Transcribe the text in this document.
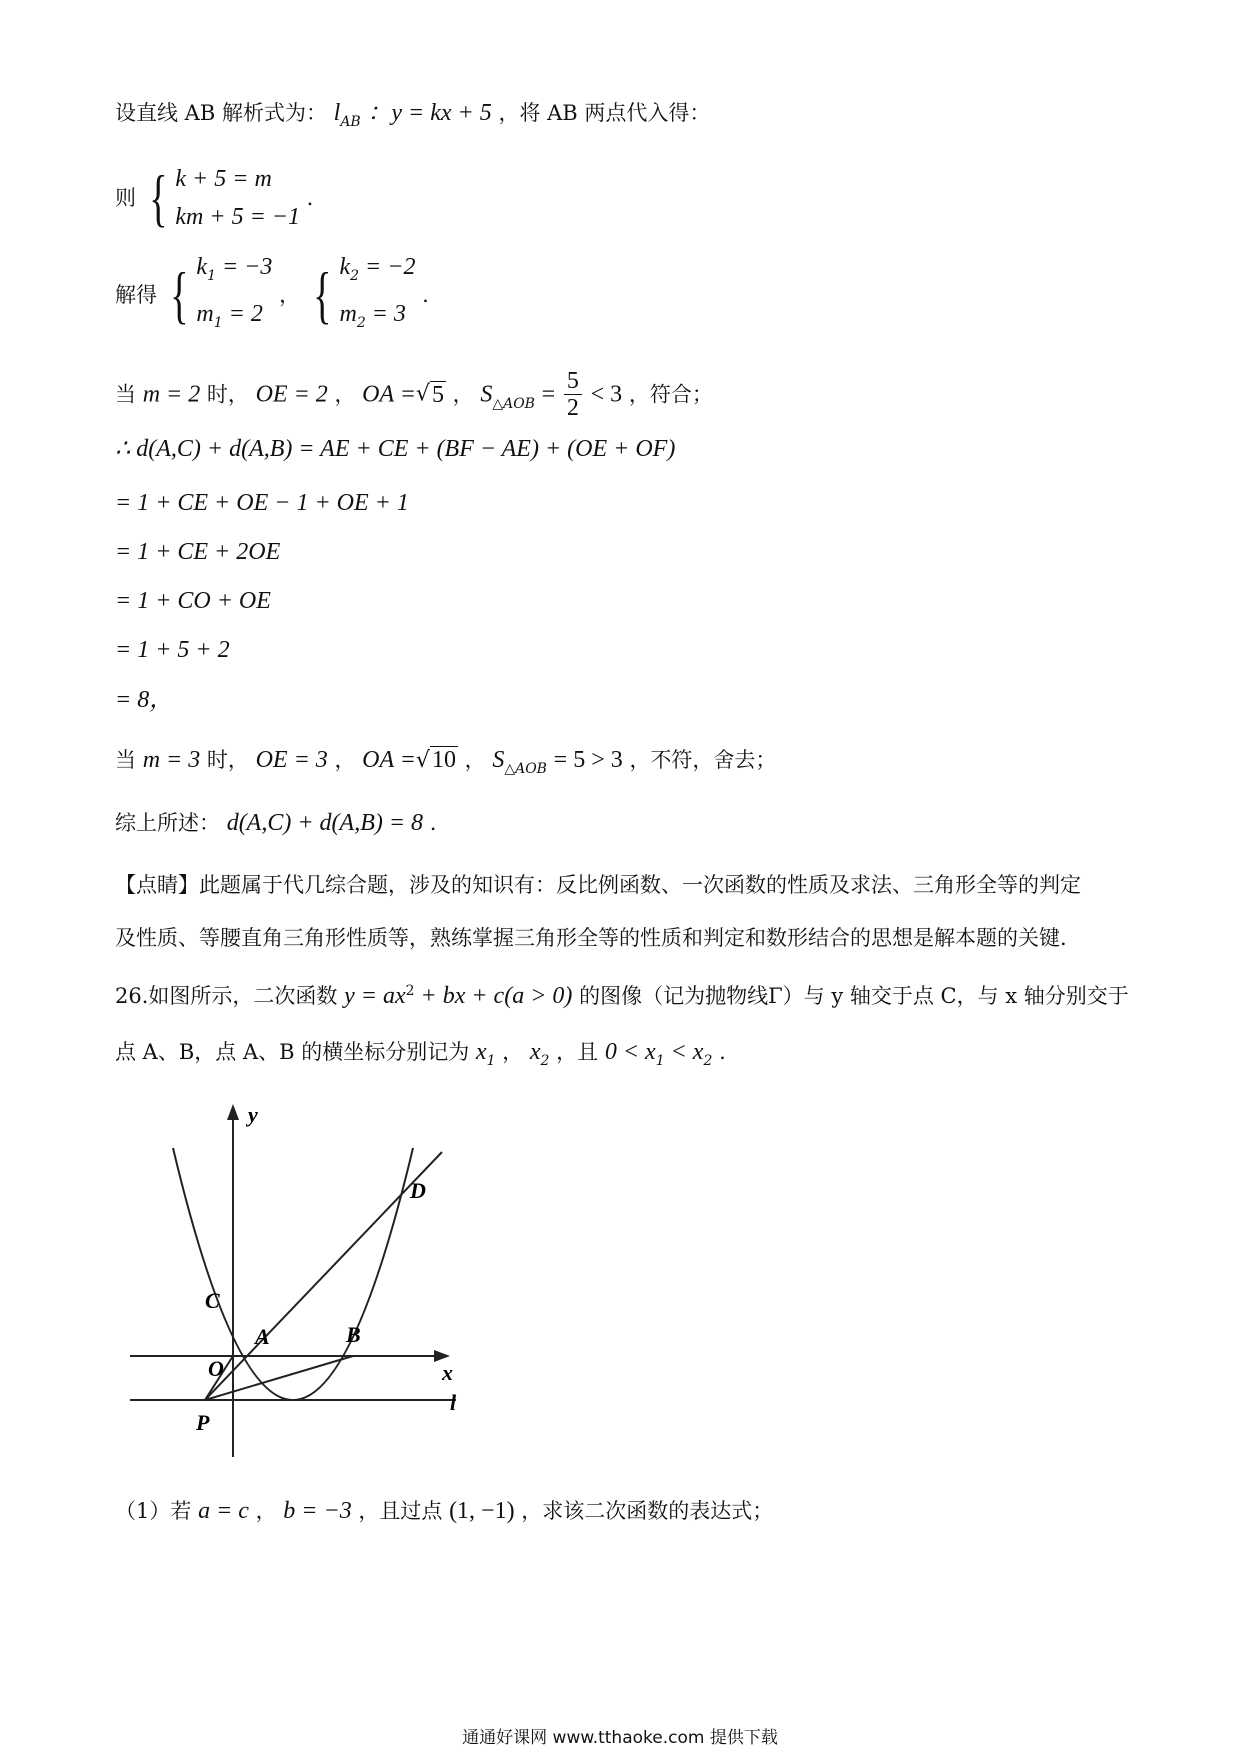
设直线 AB 解析式为： $l_{AB}$ ：y = kx + 5 ，将 AB 两点代入得：
则 { k + 5 = m
km + 5 = −1
.
解得 { $k_1 = -3$
$m_1 = 2$
， { $k_2 = -2$
$m_2 = 3$
.
当 m = 2 时， OE = 2 ， OA =√5 ， $S_{\triangle AOB} = \frac{5}{2} < 3$ ，符合；
∴ d(A,C) + d(A,B) = AE + CE + (BF − AE) + (OE + OF)
= 1 + CE + OE − 1 + OE + 1
= 1 + CE + 2OE
= 1 + CO + OE
= 1 + 5 + 2
= 8，
当 m = 3 时， OE = 3 ， OA =√10 ， $S_{\triangle AOB} = 5 > 3$ ，不符，舍去；
综上所述： d(A,C) + d(A,B) = 8 .
【点睛】此题属于代几综合题，涉及的知识有：反比例函数、一次函数的性质及求法、三角形全等的判定
及性质、等腰直角三角形性质等，熟练掌握三角形全等的性质和判定和数形结合的思想是解本题的关键.
26.如图所示，二次函数 $y = ax^2$ + bx + c(a > 0) 的图像（记为抛物线Γ）与 y 轴交于点 C，与 x 轴分别交于
点 A、B，点 A、B 的横坐标分别记为 $x_1$ ， $x_2$ ，且 $0 < x_1 < x_2$ .
y
x
l
C
A	B
D
O
P
（1）若 a = c ， b = −3 ，且过点 (1, −1) ，求该二次函数的表达式；
通通好课网 www.tthaoke.com 提供下载
